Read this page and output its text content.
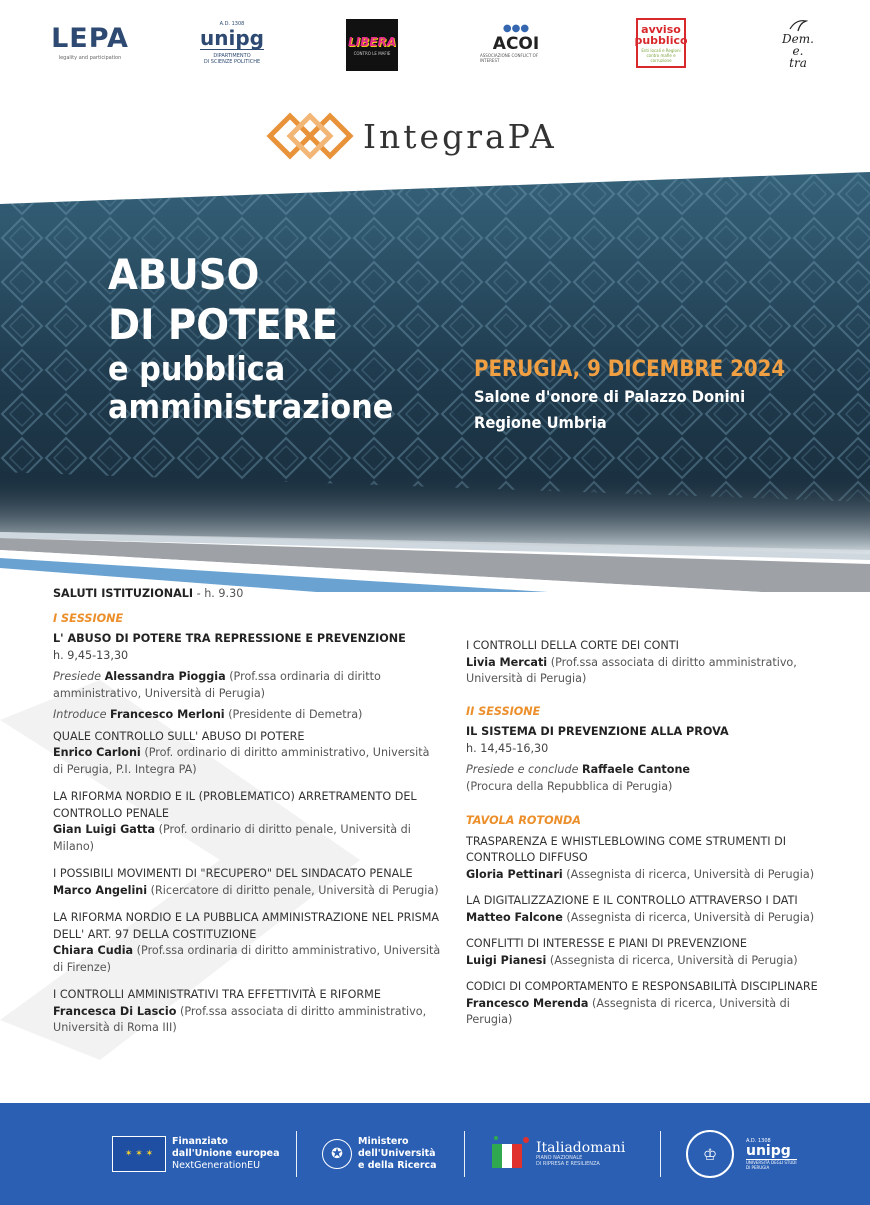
LEPA
legality and participation
A.D. 1308
unipg
DIPARTIMENTO
DI SCIENZE POLITICHE
LIBERA
CONTRO LE MAFIE
●●●
ACOI
ASSOCIAZIONE CONFLICT OF INTEREST
avviso
pubblico
Enti locali e Regioni contro mafie e corruzione
Dem.
e.
tra
IntegraPA
ABUSO
DI POTERE
e pubblica
amministrazione
PERUGIA, 9 DICEMBRE 2024
Salone d'onore di Palazzo Donini
Regione Umbria
SALUTI ISTITUZIONALI - h. 9.30
I SESSIONE
L' ABUSO DI POTERE TRA REPRESSIONE E PREVENZIONE
h. 9,45-13,30
Presiede Alessandra Pioggia (Prof.ssa ordinaria di diritto amministrativo, Università di Perugia)
Introduce Francesco Merloni (Presidente di Demetra)
QUALE CONTROLLO SULL' ABUSO DI POTERE
Enrico Carloni (Prof. ordinario di diritto amministrativo, Università di Perugia, P.I. Integra PA)
LA RIFORMA NORDIO E IL (PROBLEMATICO) ARRETRAMENTO DEL CONTROLLO PENALE
Gian Luigi Gatta (Prof. ordinario di diritto penale, Università di Milano)
I POSSIBILI MOVIMENTI DI "RECUPERO" DEL SINDACATO PENALE
Marco Angelini (Ricercatore di diritto penale, Università di Perugia)
LA RIFORMA NORDIO E LA PUBBLICA AMMINISTRAZIONE NEL PRISMA DELL' ART. 97 DELLA COSTITUZIONE
Chiara Cudia (Prof.ssa ordinaria di diritto amministrativo, Università di Firenze)
I CONTROLLI AMMINISTRATIVI TRA EFFETTIVITÀ E RIFORME
Francesca Di Lascio (Prof.ssa associata di diritto amministrativo, Università di Roma III)
I CONTROLLI DELLA CORTE DEI CONTI
Livia Mercati (Prof.ssa associata di diritto amministrativo, Università di Perugia)
II SESSIONE
IL SISTEMA DI PREVENZIONE ALLA PROVA
h. 14,45-16,30
Presiede e conclude Raffaele Cantone
(Procura della Repubblica di Perugia)
TAVOLA ROTONDA
TRASPARENZA E WHISTLEBLOWING COME STRUMENTI DI CONTROLLO DIFFUSO
Gloria Pettinari (Assegnista di ricerca, Università di Perugia)
LA DIGITALIZZAZIONE E IL CONTROLLO ATTRAVERSO I DATI
Matteo Falcone (Assegnista di ricerca, Università di Perugia)
CONFLITTI DI INTERESSE E PIANI DI PREVENZIONE
Luigi Pianesi (Assegnista di ricerca, Università di Perugia)
CODICI DI COMPORTAMENTO E RESPONSABILITÀ DISCIPLINARE
Francesco Merenda (Assegnista di ricerca, Università di Perugia)
✶ ✶ ✶
Finanziato
dall'Unione europea
NextGenerationEU
✪
Ministero
dell'Università
e della Ricerca
Italiadomani
PIANO NAZIONALE
DI RIPRESA E RESILIENZA
♔
A.D. 1308
unipg
UNIVERSITÀ DEGLI STUDI
DI PERUGIA
